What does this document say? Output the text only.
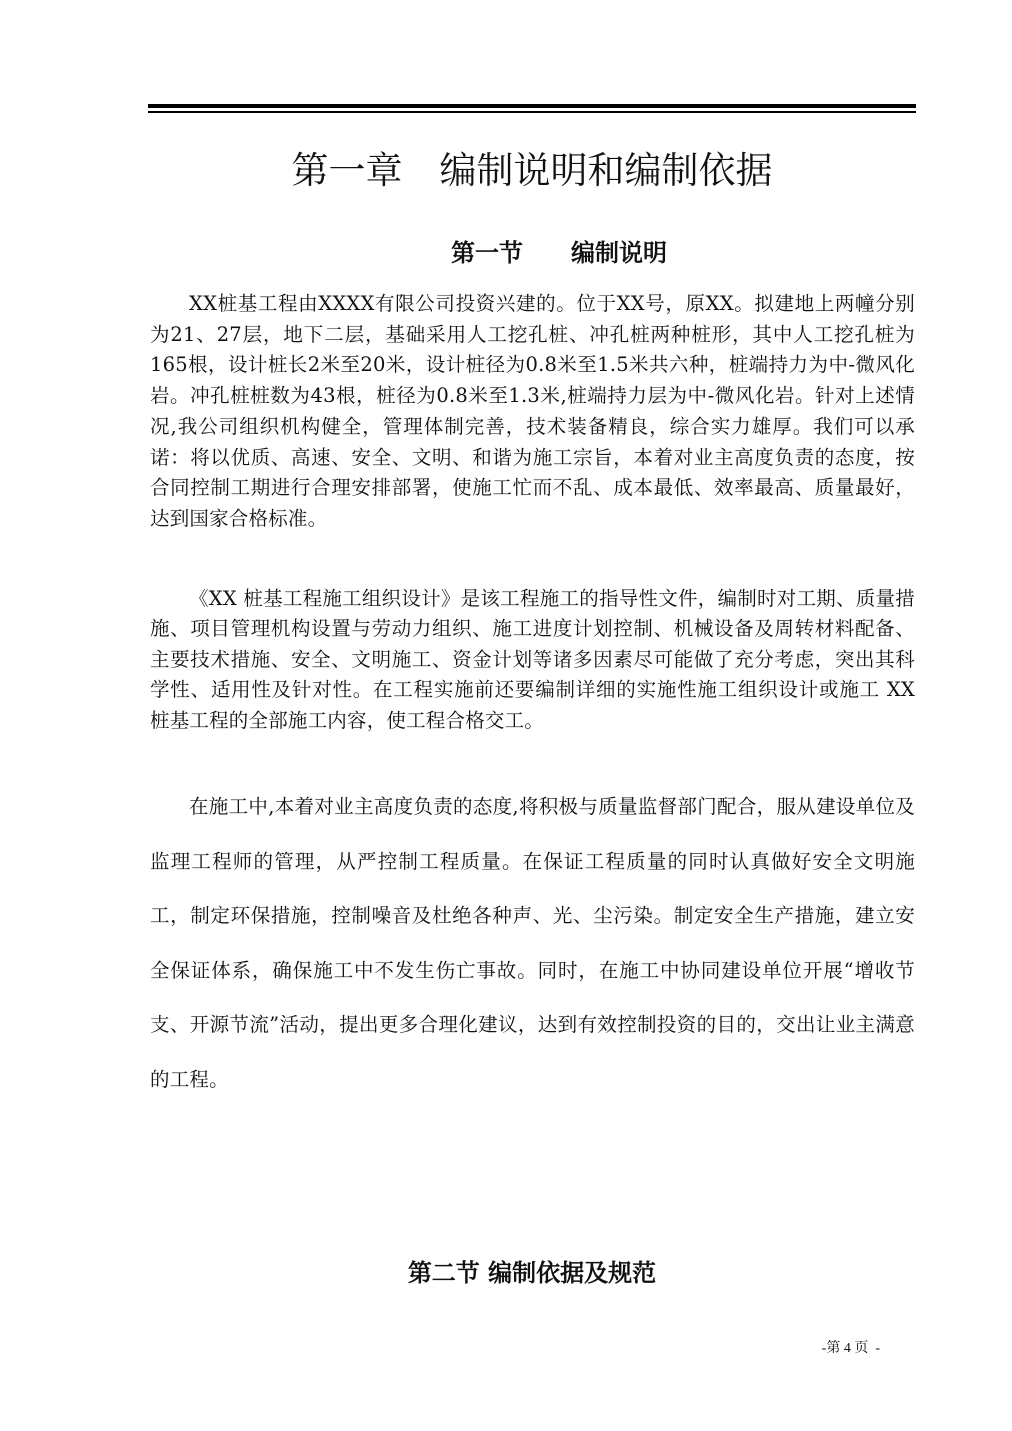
第一章　编制说明和编制依据
第一节　　编制说明

XX桩基工程由XXXX有限公司投资兴建的。位于XX号，原XX。拟建地上两幢分别为21、27层，地下二层，基础采用人工挖孔桩、冲孔桩两种桩形，其中人工挖孔桩为165根，设计桩长2米至20米，设计桩径为0.8米至1.5米共六种，桩端持力为中-微风化岩。冲孔桩桩数为43根，桩径为0.8米至1.3米,桩端持力层为中-微风化岩。针对上述情况,我公司组织机构健全，管理体制完善，技术装备精良，综合实力雄厚。我们可以承诺：将以优质、高速、安全、文明、和谐为施工宗旨，本着对业主高度负责的态度，按合同控制工期进行合理安排部署，使施工忙而不乱、成本最低、效率最高、质量最好，达到国家合格标准。

《XX 桩基工程施工组织设计》是该工程施工的指导性文件，编制时对工期、质量措施、项目管理机构设置与劳动力组织、施工进度计划控制、机械设备及周转材料配备、主要技术措施、安全、文明施工、资金计划等诸多因素尽可能做了充分考虑，突出其科学性、适用性及针对性。在工程实施前还要编制详细的实施性施工组织设计或施工 XX 桩基工程的全部施工内容，使工程合格交工。

在施工中,本着对业主高度负责的态度,将积极与质量监督部门配合，服从建设单位及监理工程师的管理，从严控制工程质量。在保证工程质量的同时认真做好安全文明施工，制定环保措施，控制噪音及杜绝各种声、光、尘污染。制定安全生产措施，建立安全保证体系，确保施工中不发生伤亡事故。同时，在施工中协同建设单位开展“增收节支、开源节流”活动，提出更多合理化建议，达到有效控制投资的目的，交出让业主满意的工程。

第二节 编制依据及规范
-第 4 页  -
